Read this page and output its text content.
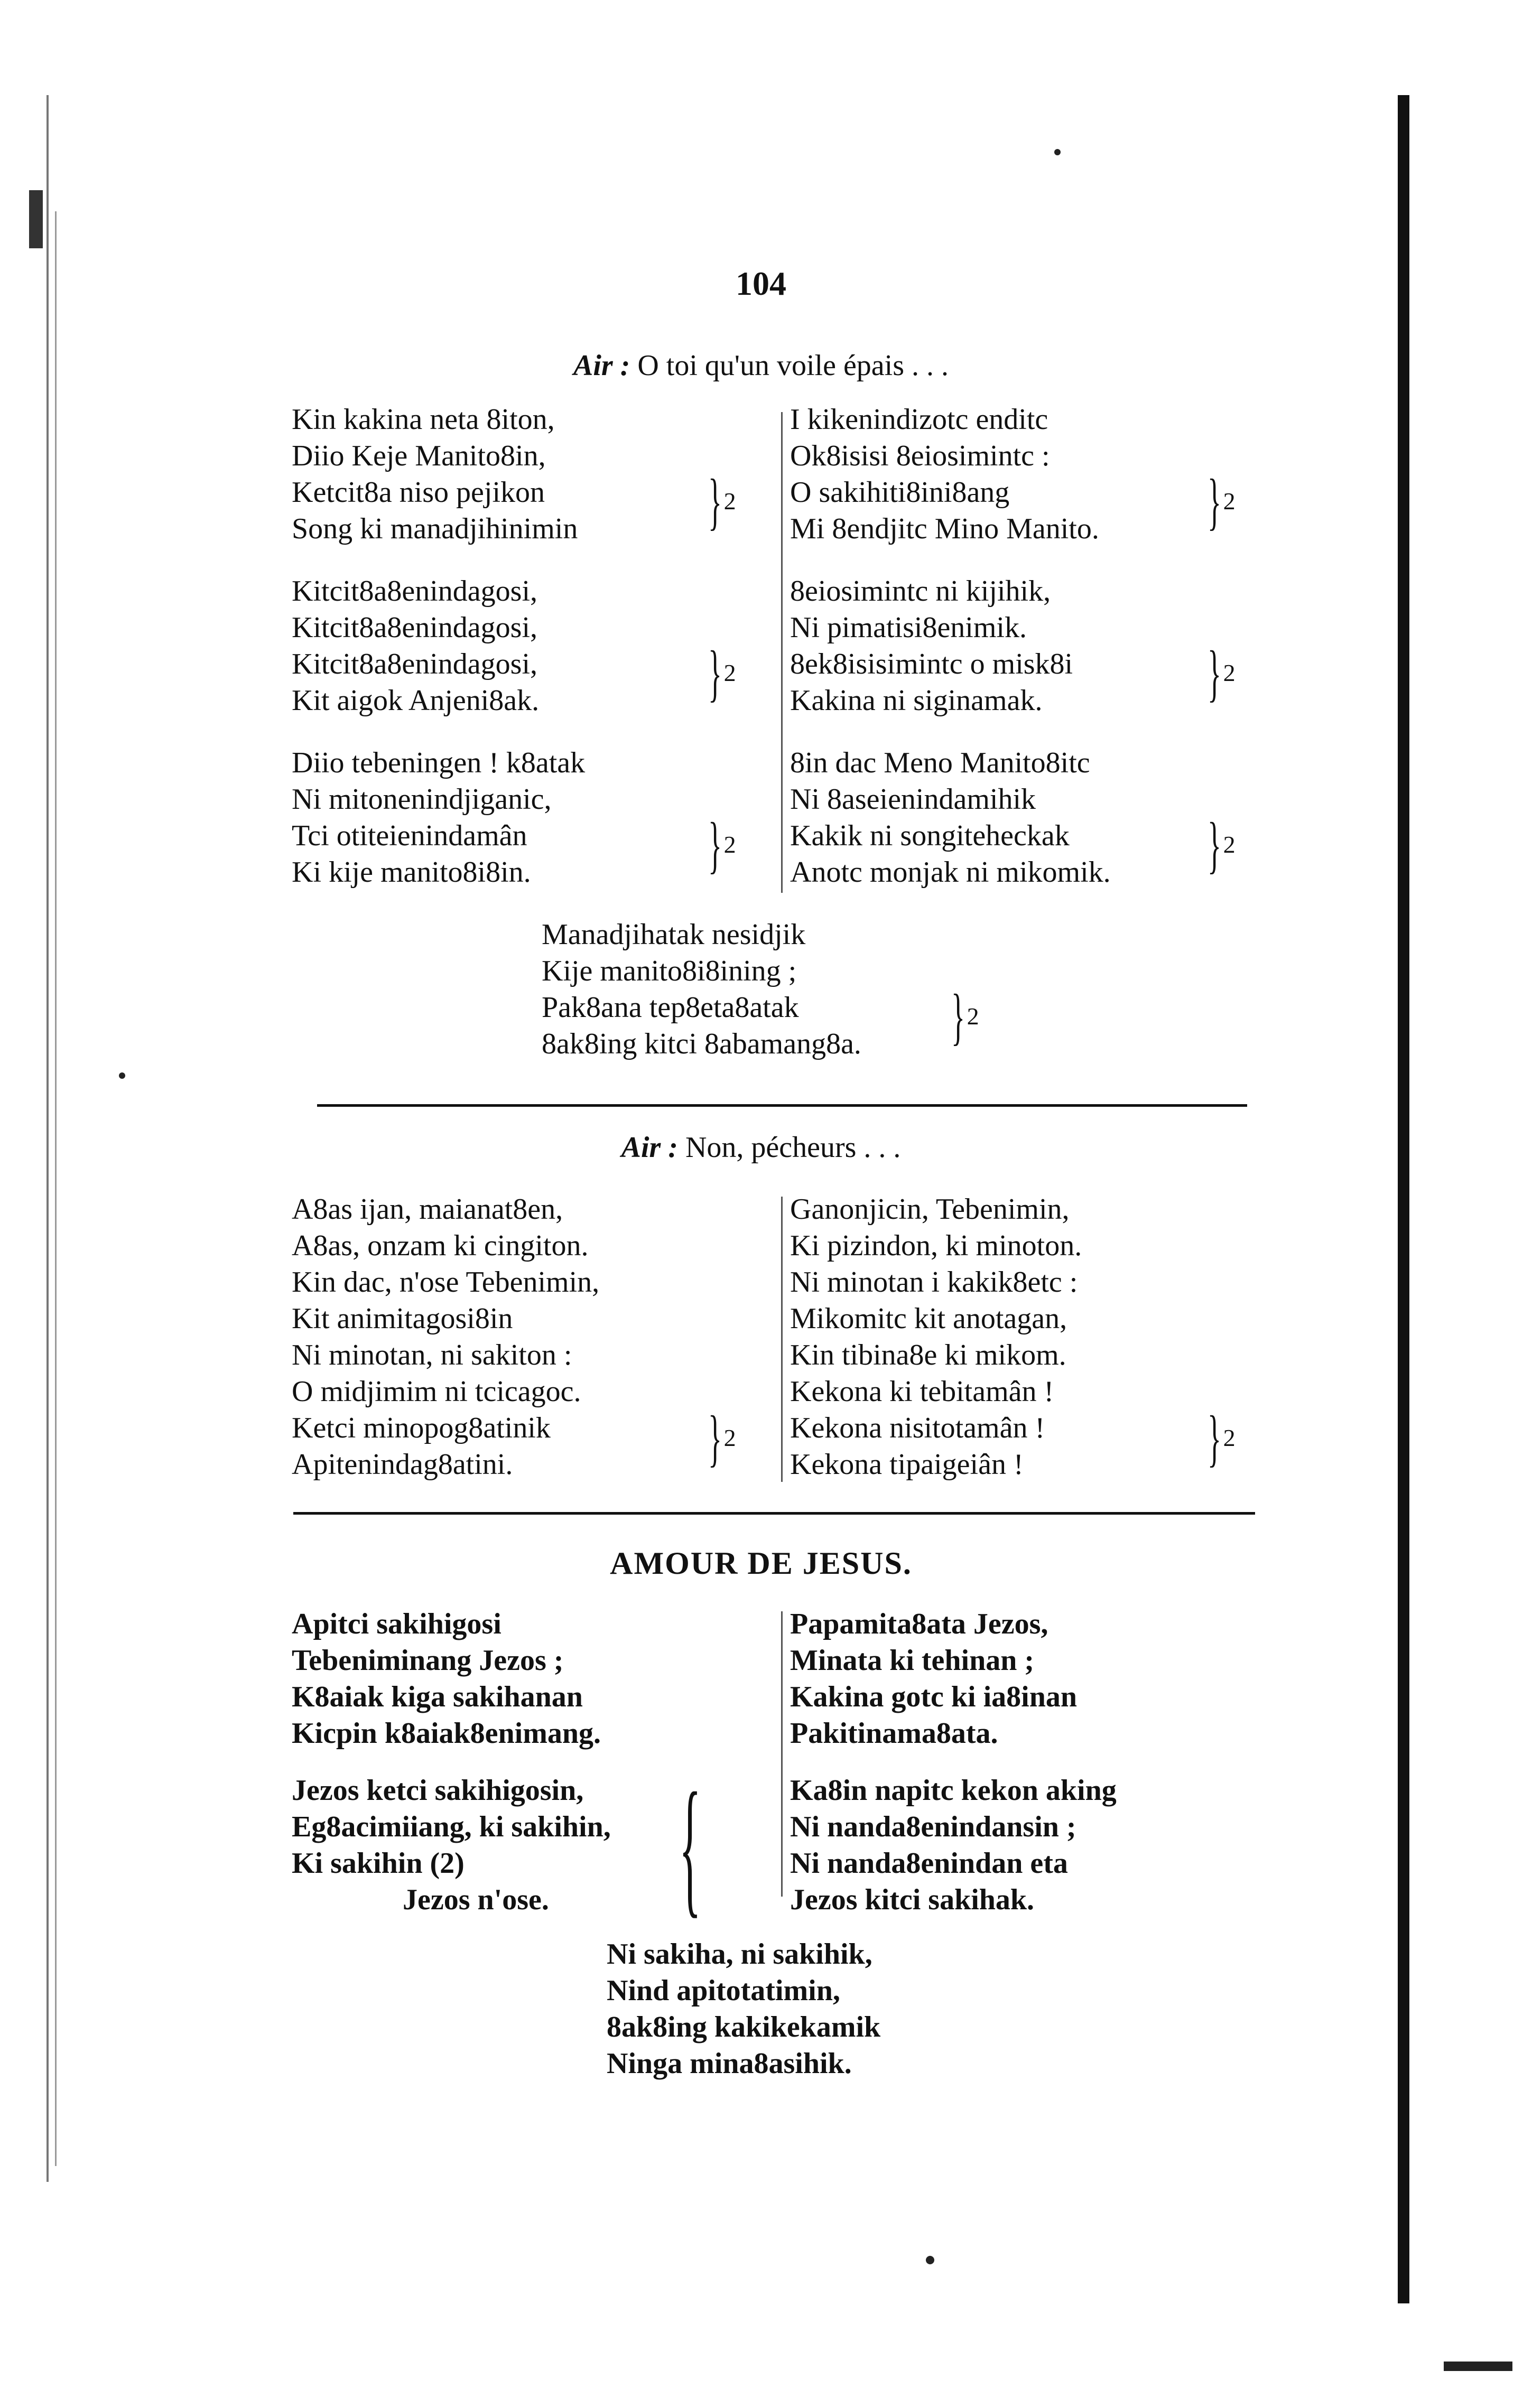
104
Air : O toi qu'un voile épais . . .
Kin kakina neta 8iton,
Diio Keje Manito8in,
Ketcit8a niso pejikon
Song ki manadjihinimin }2
Kitcit8a8enindagosi,
Kitcit8a8enindagosi,
Kitcit8a8enindagosi,
Kit aigok Anjeni8ak.	}2
Diio tebeningen ! k8atak
Ni mitonenindjiganic,
Tci otiteienindamân
Ki kije manito8i8in.	}2
I kikenindizotc enditc
Ok8isisi 8eiosimintc :
O sakihiti8ini8ang
Mi 8endjitc Mino Manito. }2
8eiosimintc ni kijihik,
Ni pimatisi8enimik.
8ek8isisimintc o misk8i
Kakina ni siginamak.	}2
8in dac Meno Manito8itc
Ni 8aseienindamihik
Kakik ni songiteheckak
Anotc monjak ni mikomik. }2
Manadjihatak nesidjik
Kije manito8i8ining ;
Pak8ana tep8eta8atak
8ak8ing kitci 8abamang8a. }2
Air : Non, pécheurs . . .
A8as ijan, maianat8en,
A8as, onzam ki cingiton.
Kin dac, n'ose Tebenimin,
Kit animitagosi8in
Ni minotan, ni sakiton :
O midjimim ni tcicagoc.
Ketci minopog8atinik
Apitenindag8atini.	}2
Ganonjicin, Tebenimin,
Ki pizindon, ki minoton.
Ni minotan i kakik8etc :
Mikomitc kit anotagan,
Kin tibina8e ki mikom.
Kekona ki tebitamân !
Kekona nisitotamân !
Kekona tipaigeiân !	}2
AMOUR DE JESUS.
Apitci sakihigosi
Tebeniminang Jezos ;
K8aiak kiga sakihanan
Kicpin k8aiak8enimang.
Jezos ketci sakihigosin,
Eg8acimiiang, ki sakihin,
Ki sakihin (2)
Jezos n'ose. {
Papamita8ata Jezos,
Minata ki tehinan ;
Kakina gotc ki ia8inan
Pakitinama8ata.
Ka8in napitc kekon aking
Ni nanda8enindansin ;
Ni nanda8enindan eta
Jezos kitci sakihak.
Ni sakiha, ni sakihik,
Nind apitotatimin,
8ak8ing kakikekamik
Ninga mina8asihik.
